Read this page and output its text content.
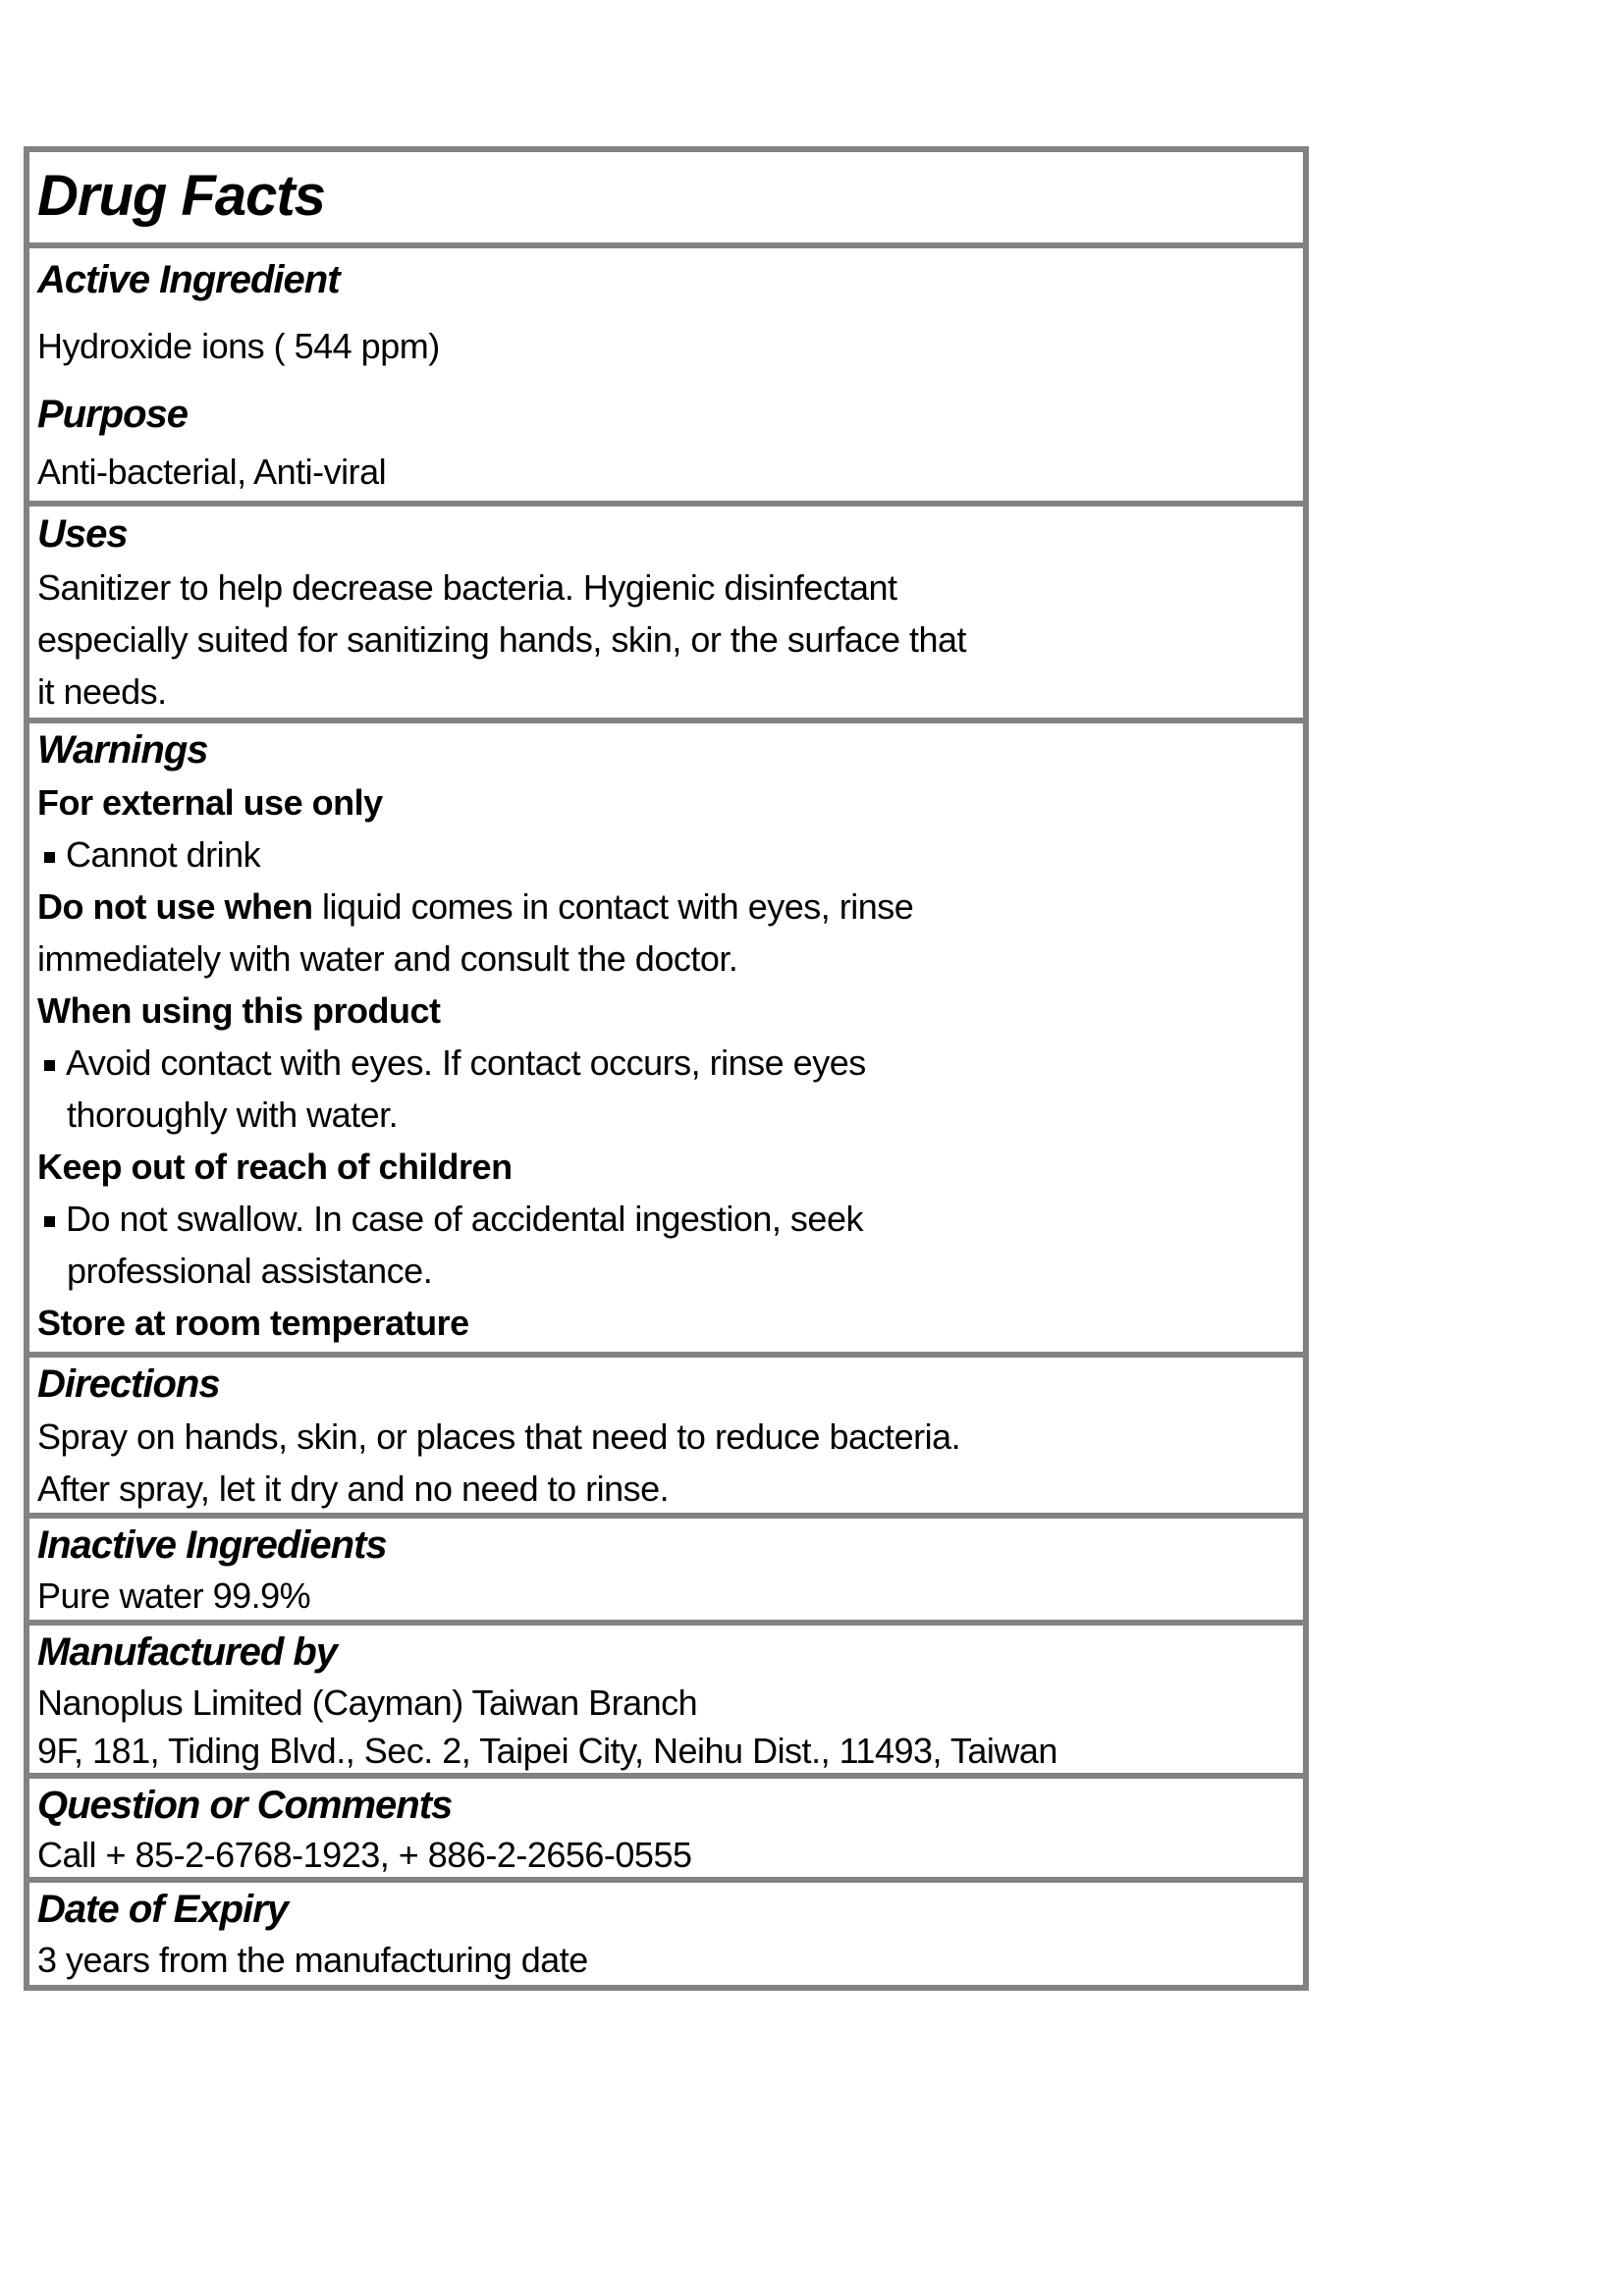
Drug Facts
Active Ingredient
Hydroxide ions ( 544 ppm)
Purpose
Anti-bacterial, Anti-viral
Uses
Sanitizer to help decrease bacteria. Hygienic disinfectant
especially suited for sanitizing hands, skin, or the surface that
it needs.
Warnings
For external use only
Cannot drink
Do not use when liquid comes in contact with eyes, rinse
immediately with water and consult the doctor.
When using this product
Avoid contact with eyes. If contact occurs, rinse eyes
thoroughly with water.
Keep out of reach of children
Do not swallow. In case of accidental ingestion, seek
professional assistance.
Store at room temperature
Directions
Spray on hands, skin, or places that need to reduce bacteria.
After spray, let it dry and no need to rinse.
Inactive Ingredients
Pure water 99.9%
Manufactured by
Nanoplus Limited (Cayman) Taiwan Branch
9F, 181, Tiding Blvd., Sec. 2, Taipei City, Neihu Dist., 11493, Taiwan
Question or Comments
Call + 85-2-6768-1923, + 886-2-2656-0555
Date of Expiry
3 years from the manufacturing date
